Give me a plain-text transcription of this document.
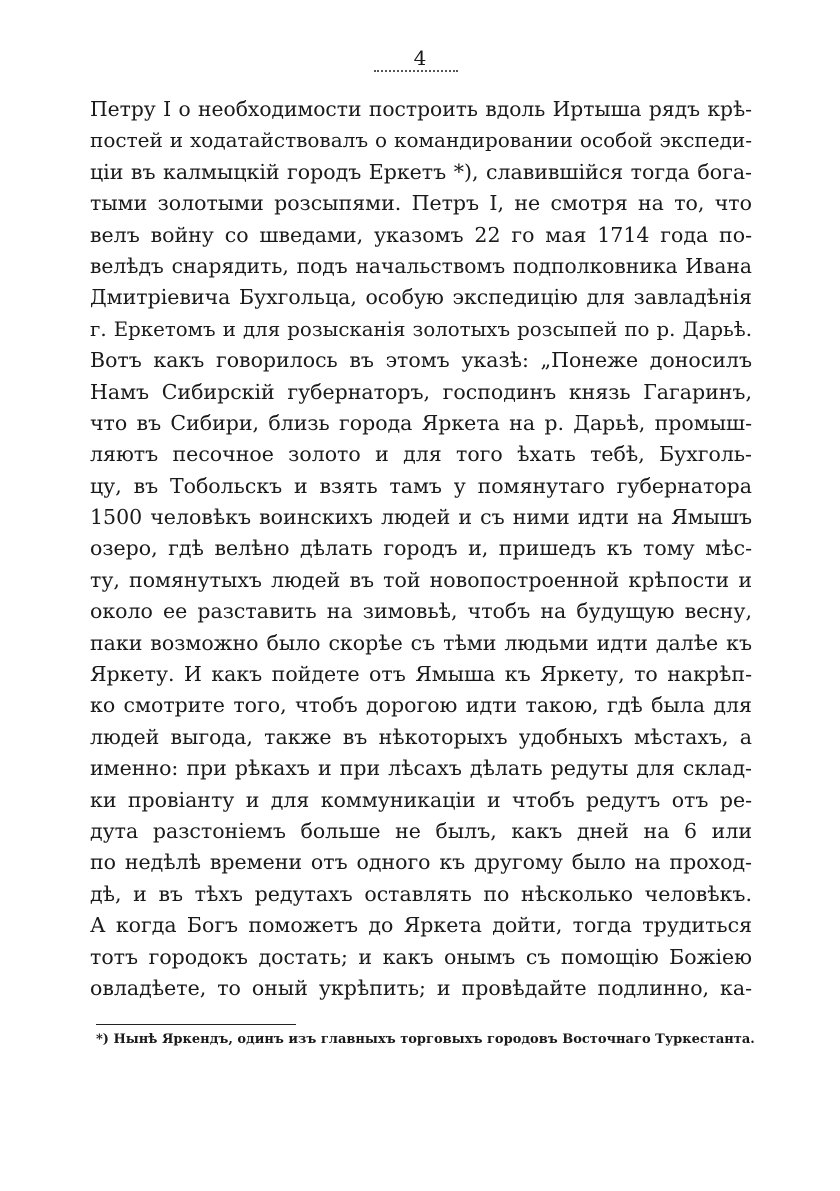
4
Петру I о необходимости построить вдоль Иртыша рядъ крѣ-
постей и ходатайствовалъ о командировании особой экспеди-
ціи въ калмыцкій городъ Еркетъ *), славившійся тогда бога-
тыми золотыми розсыпями. Петръ I, не смотря на то, что
велъ войну со шведами, указомъ 22 го мая 1714 года по-
велѣдъ снарядить, подъ начальствомъ подполковника Ивана
Дмитріевича Бухгольца, особую экспедицію для завладѣнія
г. Еркетомъ и для розысканія золотыхъ розсыпей по р. Дарьѣ.
Вотъ какъ говорилось въ этомъ указѣ: „Понеже доносилъ
Намъ Сибирскій губернаторъ, господинъ князь Гагаринъ,
что въ Сибири, близь города Яркета на р. Дарьѣ, промыш-
ляютъ песочное золото и для того ѣхать тебѣ, Бухголь-
цу, въ Тобольскъ и взять тамъ у помянутаго губернатора
1500 человѣкъ воинскихъ людей и съ ними идти на Ямышъ
озеро, гдѣ велѣно дѣлать городъ и, пришедъ къ тому мѣс-
ту, помянутыхъ людей въ той новопостроенной крѣпости и
около ее разставить на зимовьѣ, чтобъ на будущую весну,
паки возможно было скорѣе съ тѣми людьми идти далѣе къ
Яркету. И какъ пойдете отъ Ямыша къ Яркету, то накрѣп-
ко смотрите того, чтобъ дорогою идти такою, гдѣ была для
людей выгода, также въ нѣкоторыхъ удобныхъ мѣстахъ, а
именно: при рѣкахъ и при лѣсахъ дѣлать редуты для склад-
ки провіанту и для коммуникаціи и чтобъ редутъ отъ ре-
дута разстоніемъ больше не былъ, какъ дней на 6 или
по недѣлѣ времени отъ одного къ другому было на проход-
дѣ, и въ тѣхъ редутахъ оставлять по нѣсколько человѣкъ.
А когда Богъ поможетъ до Яркета дойти, тогда трудиться
тотъ городокъ достать; и какъ онымъ съ помощію Божіею
овладѣете, то оный укрѣпить; и провѣдайте подлинно, ка-
*) Нынѣ Яркендъ, одинъ изъ главныхъ торговыхъ городовъ Восточнаго Туркестанта.
